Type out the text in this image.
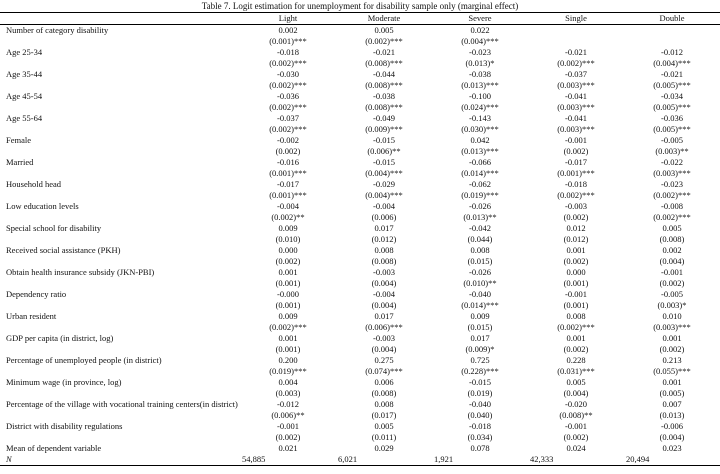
Table 7. Logit estimation for unemployment for disability sample only (marginal effect)
	Light	Moderate	Severe	Single	Double
Number of category disability	0.002	0.005	0.022		
	(0.001)***	(0.002)***	(0.004)***		
Age 25-34	-0.018	-0.021	-0.023	-0.021	-0.012
	(0.002)***	(0.008)***	(0.013)*	(0.002)***	(0.004)***
Age 35-44	-0.030	-0.044	-0.038	-0.037	-0.021
	(0.002)***	(0.008)***	(0.013)***	(0.003)***	(0.005)***
Age 45-54	-0.036	-0.038	-0.100	-0.041	-0.034
	(0.002)***	(0.008)***	(0.024)***	(0.003)***	(0.005)***
Age 55-64	-0.037	-0.049	-0.143	-0.041	-0.036
	(0.002)***	(0.009)***	(0.030)***	(0.003)***	(0.005)***
Female	-0.002	-0.015	0.042	-0.001	-0.005
	(0.002)	(0.006)**	(0.013)***	(0.002)	(0.003)**
Married	-0.016	-0.015	-0.066	-0.017	-0.022
	(0.001)***	(0.004)***	(0.014)***	(0.001)***	(0.003)***
Household head	-0.017	-0.029	-0.062	-0.018	-0.023
	(0.001)***	(0.004)***	(0.019)***	(0.002)***	(0.002)***
Low education levels	-0.004	-0.004	-0.026	-0.003	-0.008
	(0.002)**	(0.006)	(0.013)**	(0.002)	(0.002)***
Special school for disability	0.009	0.017	-0.042	0.012	0.005
	(0.010)	(0.012)	(0.044)	(0.012)	(0.008)
Received social assistance (PKH)	0.000	0.008	0.008	0.001	0.002
	(0.002)	(0.008)	(0.015)	(0.002)	(0.004)
Obtain health insurance subsidy (JKN-PBI)	0.001	-0.003	-0.026	0.000	-0.001
	(0.001)	(0.004)	(0.010)**	(0.001)	(0.002)
Dependency ratio	-0.000	-0.004	-0.040	-0.001	-0.005
	(0.001)	(0.004)	(0.014)***	(0.001)	(0.003)*
Urban resident	0.009	0.017	0.009	0.008	0.010
	(0.002)***	(0.006)***	(0.015)	(0.002)***	(0.003)***
GDP per capita (in district, log)	0.001	-0.003	0.017	0.001	0.001
	(0.001)	(0.004)	(0.009)*	(0.002)	(0.002)
Percentage of unemployed people (in district)	0.200	0.275	0.725	0.228	0.213
	(0.019)***	(0.074)***	(0.228)***	(0.031)***	(0.055)***
Minimum wage (in province, log)	0.004	0.006	-0.015	0.005	0.001
	(0.003)	(0.008)	(0.019)	(0.004)	(0.005)
Percentage of the village with vocational training centers(in district)	-0.012	0.008	-0.040	-0.020	0.007
	(0.006)**	(0.017)	(0.040)	(0.008)**	(0.013)
District with disability regulations	-0.001	0.005	-0.018	-0.001	-0.006
	(0.002)	(0.011)	(0.034)	(0.002)	(0.004)
Mean of dependent variable	0.021	0.029	0.078	0.024	0.023
N	54,885	6,021	1,921	42,333	20,494
